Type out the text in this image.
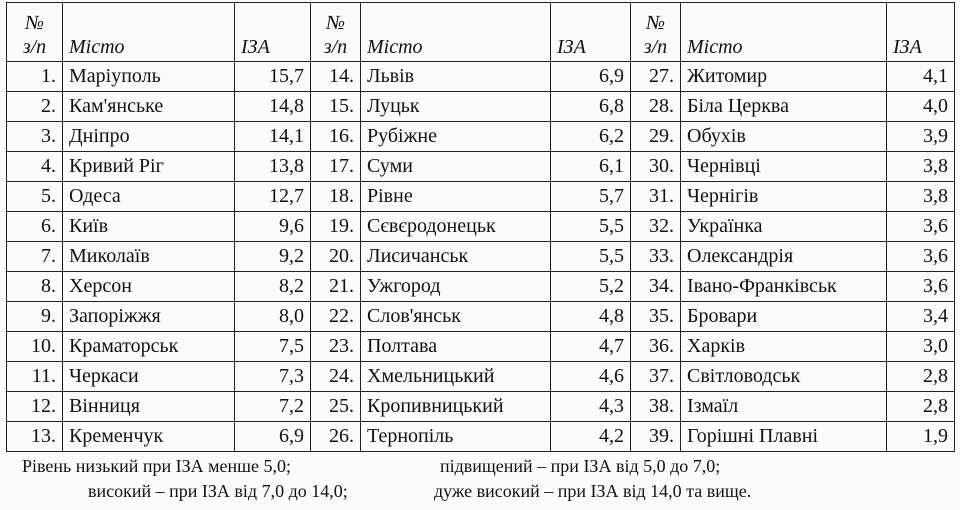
№
з/п	Місто	ІЗА	№
з/п	Місто	ІЗА	№
з/п	Місто	ІЗА
1.	Маріуполь	15,7	14.	Львів	6,9	27.	Житомир	4,1
2.	Кам'янське	14,8	15.	Луцьк	6,8	28.	Біла Церква	4,0
3.	Дніпро	14,1	16.	Рубіжне	6,2	29.	Обухів	3,9
4.	Кривий Ріг	13,8	17.	Суми	6,1	30.	Чернівці	3,8
5.	Одеса	12,7	18.	Рівне	5,7	31.	Чернігів	3,8
6.	Київ	9,6	19.	Сєвєродонецьк	5,5	32.	Українка	3,6
7.	Миколаїв	9,2	20.	Лисичанськ	5,5	33.	Олександрія	3,6
8.	Херсон	8,2	21.	Ужгород	5,2	34.	Івано-Франківськ	3,6
9.	Запоріжжя	8,0	22.	Слов'янськ	4,8	35.	Бровари	3,4
10.	Краматорськ	7,5	23.	Полтава	4,7	36.	Харків	3,0
11.	Черкаси	7,3	24.	Хмельницький	4,6	37.	Світловодськ	2,8
12.	Вінниця	7,2	25.	Кропивницький	4,3	38.	Ізмаїл	2,8
13.	Кременчук	6,9	26.	Тернопіль	4,2	39.	Горішні Плавні	1,9
Рівень низький при ІЗА менше 5,0;	підвищений – при ІЗА від 5,0 до 7,0;
високий – при ІЗА від 7,0 до 14,0;	дуже високий – при ІЗА від 14,0 та вище.
